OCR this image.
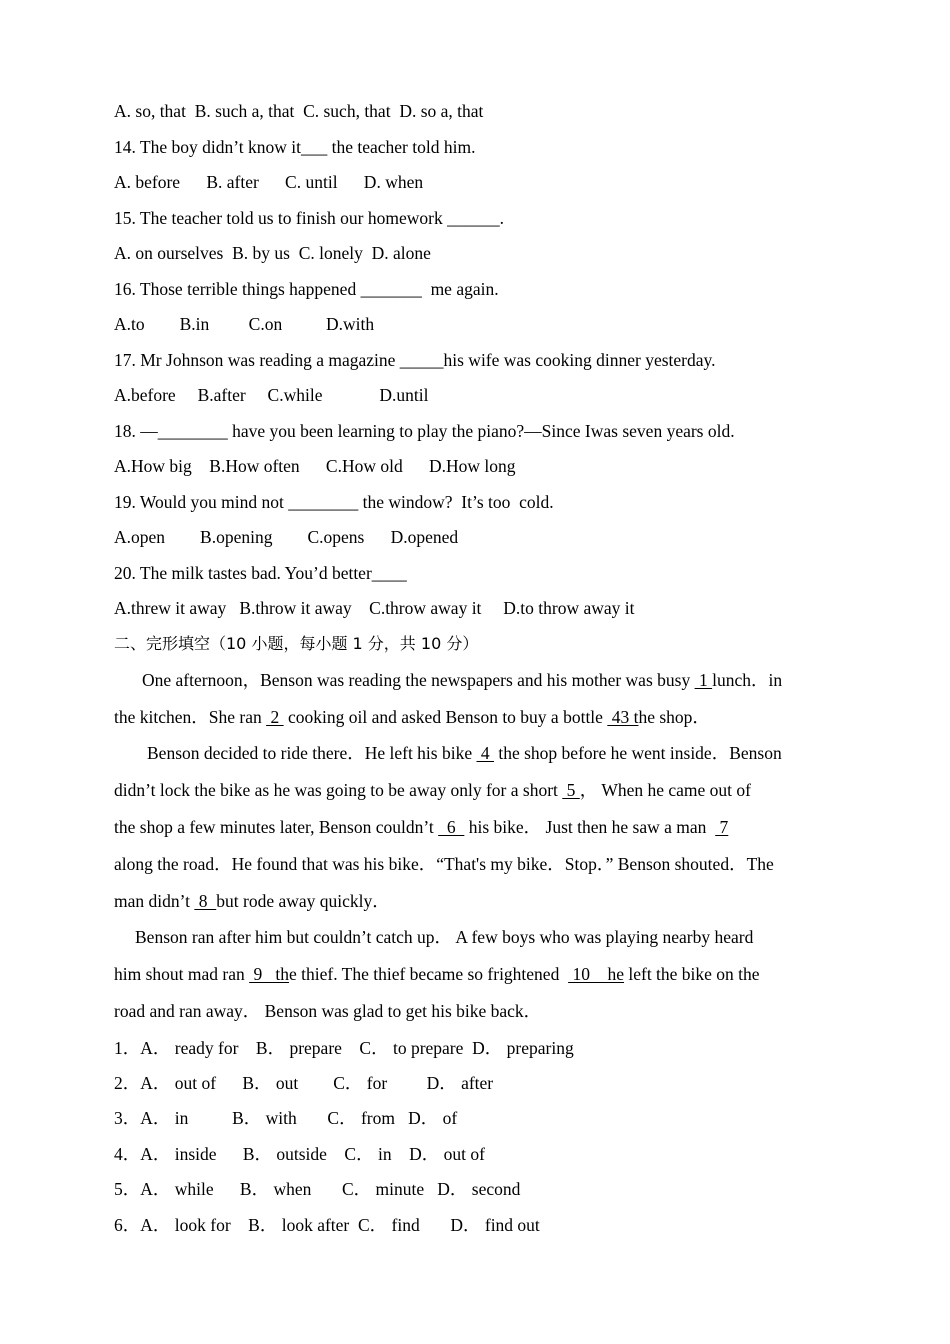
A. so, that  B. such a, that  C. such, that  D. so a, that
14. The boy didn’t know it___ the teacher told him.
A. before      B. after      C. until      D. when
15. The teacher told us to finish our homework ______.
A. on ourselves  B. by us  C. lonely  D. alone
16. Those terrible things happened _______  me again.
A.to        B.in         C.on          D.with
17. Mr Johnson was reading a magazine _____his wife was cooking dinner yesterday.
A.before     B.after     C.while             D.until
18. —________ have you been learning to play the piano?—Since Iwas seven years old.
A.How big    B.How often      C.How old      D.How long
19. Would you mind not ________ the window?  It’s too  cold.
A.open        B.opening        C.opens      D.opened
20. The milk tastes bad. You’d better____
A.threw it away   B.throw it away    C.throw away it     D.to throw away it
二、完形填空（10 小题，每小题 1 分，共 10 分）
One afternoon，Benson was reading the newspapers and his mother was busy  1 lunch．in
the kitchen．She ran  2  cooking oil and asked Benson to buy a bottle  43 the shop．
Benson decided to ride there．He left his bike  4  the shop before he went inside．Benson
didn’t lock the bike as he was going to be away only for a short  5 ， When he came out of
the shop a few minutes later, Benson couldn’t   6   his bike． Just then he saw a man   7
along the road．He found that was his bike．“That's my bike．Stop．” Benson shouted．The
man didn’t  8  but rode away quickly．
Benson ran after him but couldn’t catch up． A few boys who was playing nearby heard
him shout mad ran  9   the thief. The thief became so frightened   10    he left the bike on the
road and ran away． Benson was glad to get his bike back．
1．A． ready for    B． prepare    C． to prepare  D． preparing
2．A． out of      B． out        C． for         D． after
3．A． in          B． with       C． from   D． of
4．A． inside      B． outside    C． in    D． out of
5．A． while      B． when       C． minute   D． second
6．A． look for    B． look after  C． find       D． find out
